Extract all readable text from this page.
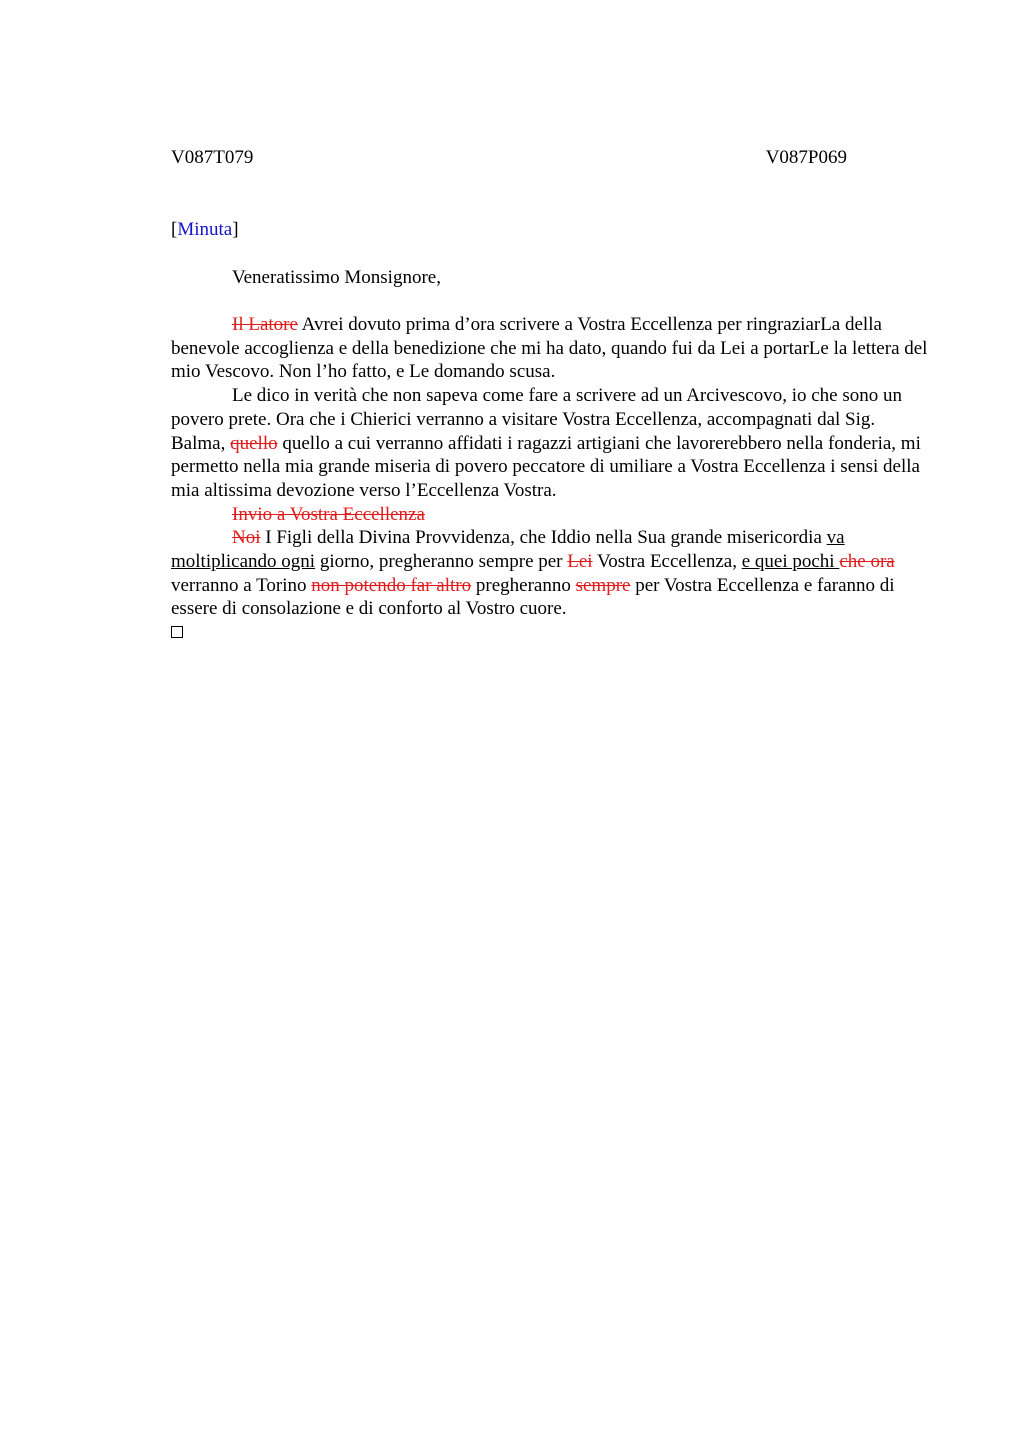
V087T079	V087P069
[Minuta]
Veneratissimo Monsignore,

Il Latore Avrei dovuto prima d’ora scrivere a Vostra Eccellenza per ringraziarLa della benevole accoglienza e della benedizione che mi ha dato, quando fui da Lei a portarLe la lettera del mio Vescovo. Non l’ho fatto, e Le domando scusa.

Le dico in verità che non sapeva come fare a scrivere ad un Arcivescovo, io che sono un povero prete. Ora che i Chierici verranno a visitare Vostra Eccellenza, accompagnati dal Sig. Balma, quello quello a cui verranno affidati i ragazzi artigiani che lavorerebbero nella fonderia, mi permetto nella mia grande miseria di povero peccatore di umiliare a Vostra Eccellenza i sensi della mia altissima devozione verso l’Eccellenza Vostra.

Invio a Vostra Eccellenza

Noi I Figli della Divina Provvidenza, che Iddio nella Sua grande misericordia va moltiplicando ogni giorno, pregheranno sempre per Lei Vostra Eccellenza, e quei pochi che ora verranno a Torino non potendo far altro pregheranno sempre per Vostra Eccellenza e faranno di essere di consolazione e di conforto al Vostro cuore.
